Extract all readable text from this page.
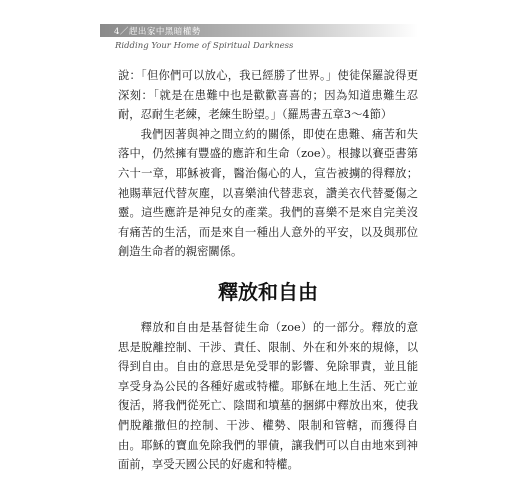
4／趕出家中黑暗權勢
Ridding Your Home of Spiritual Darkness

說：「但你們可以放心，我已經勝了世界。」使徒保羅說得更深刻：「就是在患難中也是歡歡喜喜的；因為知道患難生忍耐，忍耐生老練，老練生盼望。」（羅馬書五章3～4節）

我們因著與神之間立約的關係，即使在患難、痛苦和失落中，仍然擁有豐盛的應許和生命（zoe）。根據以賽亞書第六十一章，耶穌被膏，醫治傷心的人，宣告被擄的得釋放；祂賜華冠代替灰塵，以喜樂油代替悲哀，讚美衣代替憂傷之靈。這些應許是神兒女的產業。我們的喜樂不是來自完美沒有痛苦的生活，而是來自一種出人意外的平安，以及與那位創造生命者的親密關係。

釋放和自由

釋放和自由是基督徒生命（zoe）的一部分。釋放的意思是脫離控制、干涉、責任、限制、外在和外來的規條，以得到自由。自由的意思是免受罪的影響、免除罪責，並且能享受身為公民的各種好處或特權。耶穌在地上生活、死亡並復活，將我們從死亡、陰間和墳墓的捆綁中釋放出來，使我們脫離撒但的控制、干涉、權勢、限制和管轄，而獲得自由。耶穌的寶血免除我們的罪債，讓我們可以自由地來到神面前，享受天國公民的好處和特權。
